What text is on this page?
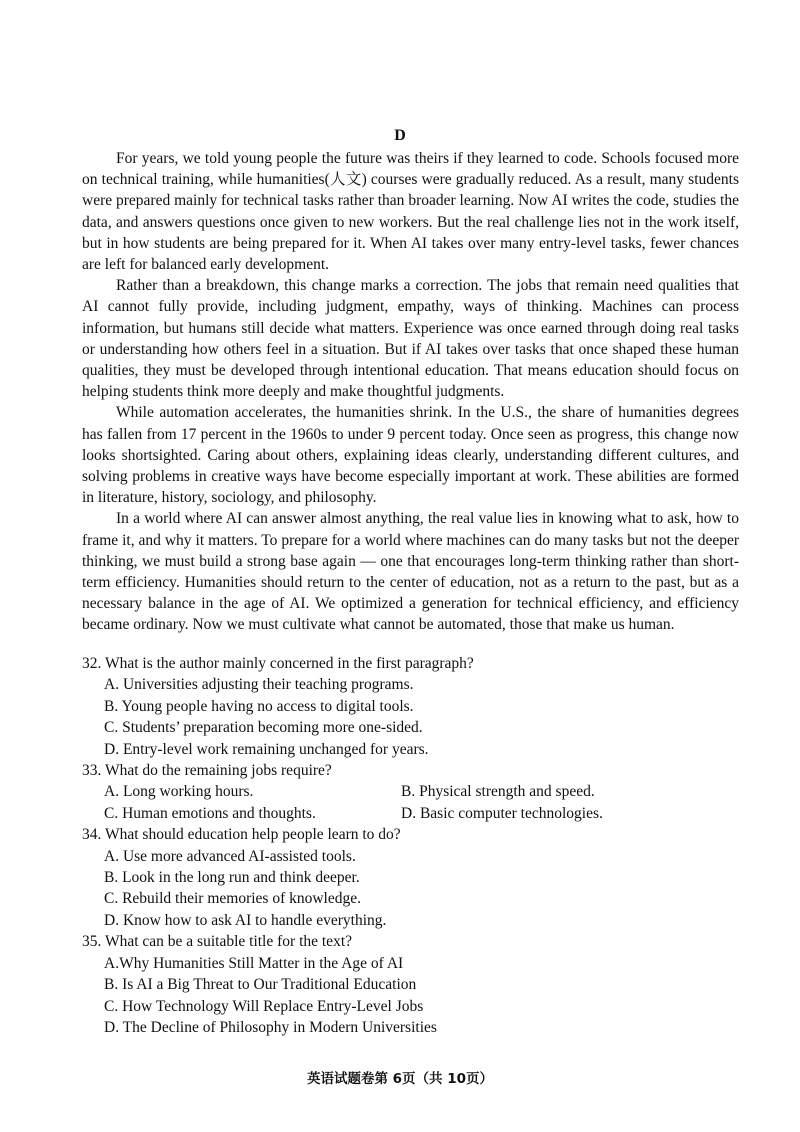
D

For years, we told young people the future was theirs if they learned to code. Schools focused more on technical training, while humanities(人文) courses were gradually reduced. As a result, many students were prepared mainly for technical tasks rather than broader learning. Now AI writes the code, studies the data, and answers questions once given to new workers. But the real challenge lies not in the work itself, but in how students are being prepared for it. When AI takes over many entry-level tasks, fewer chances are left for balanced early development.

Rather than a breakdown, this change marks a correction. The jobs that remain need qualities that AI cannot fully provide, including judgment, empathy, ways of thinking. Machines can process information, but humans still decide what matters. Experience was once earned through doing real tasks or understanding how others feel in a situation. But if AI takes over tasks that once shaped these human qualities, they must be developed through intentional education. That means education should focus on helping students think more deeply and make thoughtful judgments.

While automation accelerates, the humanities shrink. In the U.S., the share of humanities degrees has fallen from 17 percent in the 1960s to under 9 percent today. Once seen as progress, this change now looks shortsighted. Caring about others, explaining ideas clearly, understanding different cultures, and solving problems in creative ways have become especially important at work. These abilities are formed in literature, history, sociology, and philosophy.

In a world where AI can answer almost anything, the real value lies in knowing what to ask, how to frame it, and why it matters. To prepare for a world where machines can do many tasks but not the deeper thinking, we must build a strong base again — one that encourages long-term thinking rather than short-term efficiency. Humanities should return to the center of education, not as a return to the past, but as a necessary balance in the age of AI. We optimized a generation for technical efficiency, and efficiency became ordinary. Now we must cultivate what cannot be automated, those that make us human.

32. What is the author mainly concerned in the first paragraph?

A. Universities adjusting their teaching programs.

B. Young people having no access to digital tools.

C. Students’ preparation becoming more one-sided.

D. Entry-level work remaining unchanged for years.

33. What do the remaining jobs require?

A. Long working hours.	B. Physical strength and speed.
C. Human emotions and thoughts.	D. Basic computer technologies.

34. What should education help people learn to do?

A. Use more advanced AI-assisted tools.

B. Look in the long run and think deeper.

C. Rebuild their memories of knowledge.

D. Know how to ask AI to handle everything.

35. What can be a suitable title for the text?

A.Why Humanities Still Matter in the Age of AI

B. Is AI a Big Threat to Our Traditional Education

C. How Technology Will Replace Entry-Level Jobs

D. The Decline of Philosophy in Modern Universities

英语试题卷第 6页（共 10页）
